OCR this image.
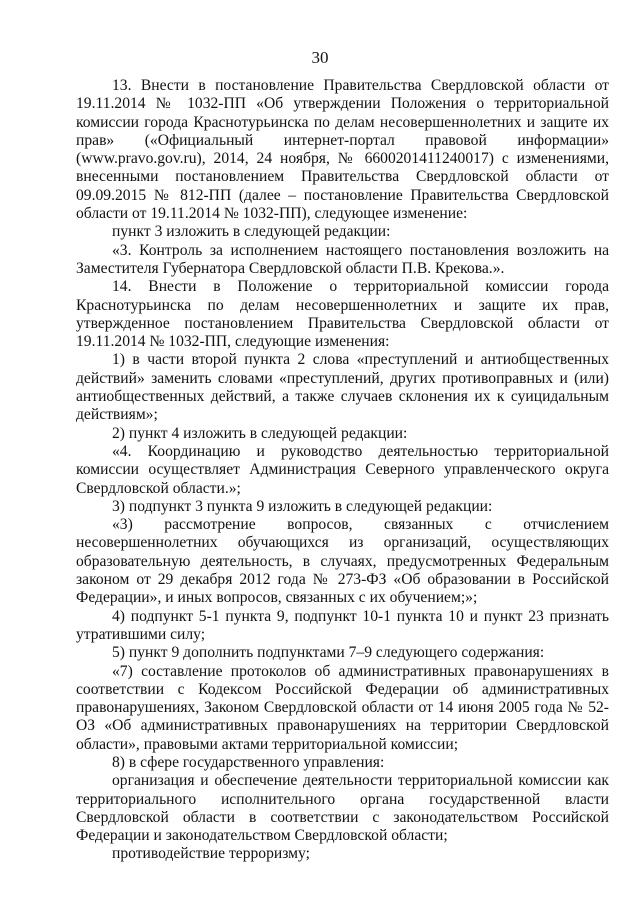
30

13. Внести в постановление Правительства Свердловской области от 19.11.2014 № 1032-ПП «Об утверждении Положения о территориальной комиссии города Краснотурьинска по делам несовершеннолетних и защите их прав» («Официальный интернет-портал правовой информации» (www.pravo.gov.ru), 2014, 24 ноября, № 6600201411240017) с изменениями, внесенными постановлением Правительства Свердловской области от 09.09.2015 № 812-ПП (далее – постановление Правительства Свердловской области от 19.11.2014 № 1032-ПП), следующее изменение:

пункт 3 изложить в следующей редакции:

«3. Контроль за исполнением настоящего постановления возложить на Заместителя Губернатора Свердловской области П.В. Крекова.».

14. Внести в Положение о территориальной комиссии города Краснотурьинска по делам несовершеннолетних и защите их прав, утвержденное постановлением Правительства Свердловской области от 19.11.2014 № 1032-ПП, следующие изменения:

1) в части второй пункта 2 слова «преступлений и антиобщественных действий» заменить словами «преступлений, других противоправных и (или) антиобщественных действий, а также случаев склонения их к суицидальным действиям»;

2) пункт 4 изложить в следующей редакции:

«4. Координацию и руководство деятельностью территориальной комиссии осуществляет Администрация Северного управленческого округа Свердловской области.»;

3) подпункт 3 пункта 9 изложить в следующей редакции:

«3) рассмотрение вопросов, связанных с отчислением несовершеннолетних обучающихся из организаций, осуществляющих образовательную деятельность, в случаях, предусмотренных Федеральным законом от 29 декабря 2012 года № 273-ФЗ «Об образовании в Российской Федерации», и иных вопросов, связанных с их обучением;»;

4) подпункт 5-1 пункта 9, подпункт 10-1 пункта 10 и пункт 23 признать утратившими силу;

5) пункт 9 дополнить подпунктами 7–9 следующего содержания:

«7) составление протоколов об административных правонарушениях в соответствии с Кодексом Российской Федерации об административных правонарушениях, Законом Свердловской области от 14 июня 2005 года № 52-ОЗ «Об административных правонарушениях на территории Свердловской области», правовыми актами территориальной комиссии;

8) в сфере государственного управления:

организация и обеспечение деятельности территориальной комиссии как территориального исполнительного органа государственной власти Свердловской области в соответствии с законодательством Российской Федерации и законодательством Свердловской области;

противодействие терроризму;
